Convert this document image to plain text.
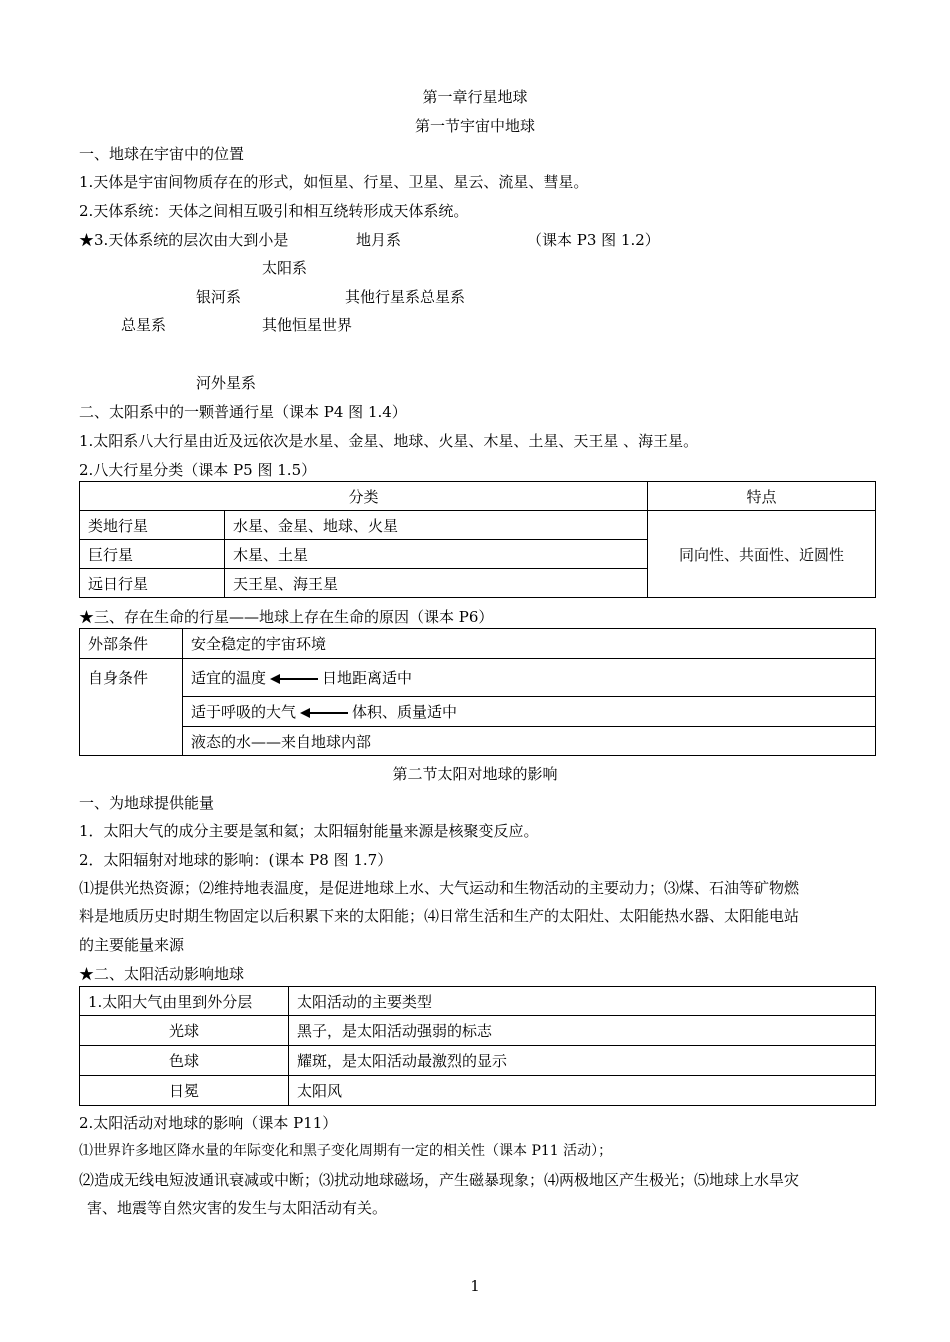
第一章行星地球
第一节宇宙中地球
一、地球在宇宙中的位置
1.天体是宇宙间物质存在的形式，如恒星、行星、卫星、星云、流星、彗星。
2.天体系统：天体之间相互吸引和相互绕转形成天体系统。
★3.天体系统的层次由大到小是	地月系	（课本 P3 图 1.2）
太阳系
银河系	其他行星系总星系
总星系	其他恒星世界
河外星系
二、太阳系中的一颗普通行星（课本 P4 图 1.4）
1.太阳系八大行星由近及远依次是水星、金星、地球、火星、木星、土星、天王星 、海王星。
2.八大行星分类（课本 P5 图 1.5）
分类		特点
类地行星	水星、金星、地球、火星	同向性、共面性、近圆性
巨行星	木星、土星	
远日行星	天王星、海王星	
★三、存在生命的行星——地球上存在生命的原因（课本 P6）
外部条件	安全稳定的宇宙环境
自身条件	适宜的温度 日地距离适中
	适于呼吸的大气 体积、质量适中
	液态的水——来自地球内部
第二节太阳对地球的影响
一、为地球提供能量
1．太阳大气的成分主要是氢和氦；太阳辐射能量来源是核聚变反应。
2．太阳辐射对地球的影响：(课本 P8 图 1.7）
⑴提供光热资源；⑵维持地表温度，是促进地球上水、大气运动和生物活动的主要动力；⑶煤、石油等矿物燃
料是地质历史时期生物固定以后积累下来的太阳能；⑷日常生活和生产的太阳灶、太阳能热水器、太阳能电站
的主要能量来源
★二、太阳活动影响地球
1.太阳大气由里到外分层	太阳活动的主要类型
光球	黑子，是太阳活动强弱的标志
色球	耀斑，是太阳活动最激烈的显示
日冕	太阳风
2.太阳活动对地球的影响（课本 P11）
⑴世界许多地区降水量的年际变化和黑子变化周期有一定的相关性（课本 P11 活动）；
⑵造成无线电短波通讯衰减或中断；⑶扰动地球磁场，产生磁暴现象；⑷两极地区产生极光；⑸地球上水旱灾
害、地震等自然灾害的发生与太阳活动有关。
1
